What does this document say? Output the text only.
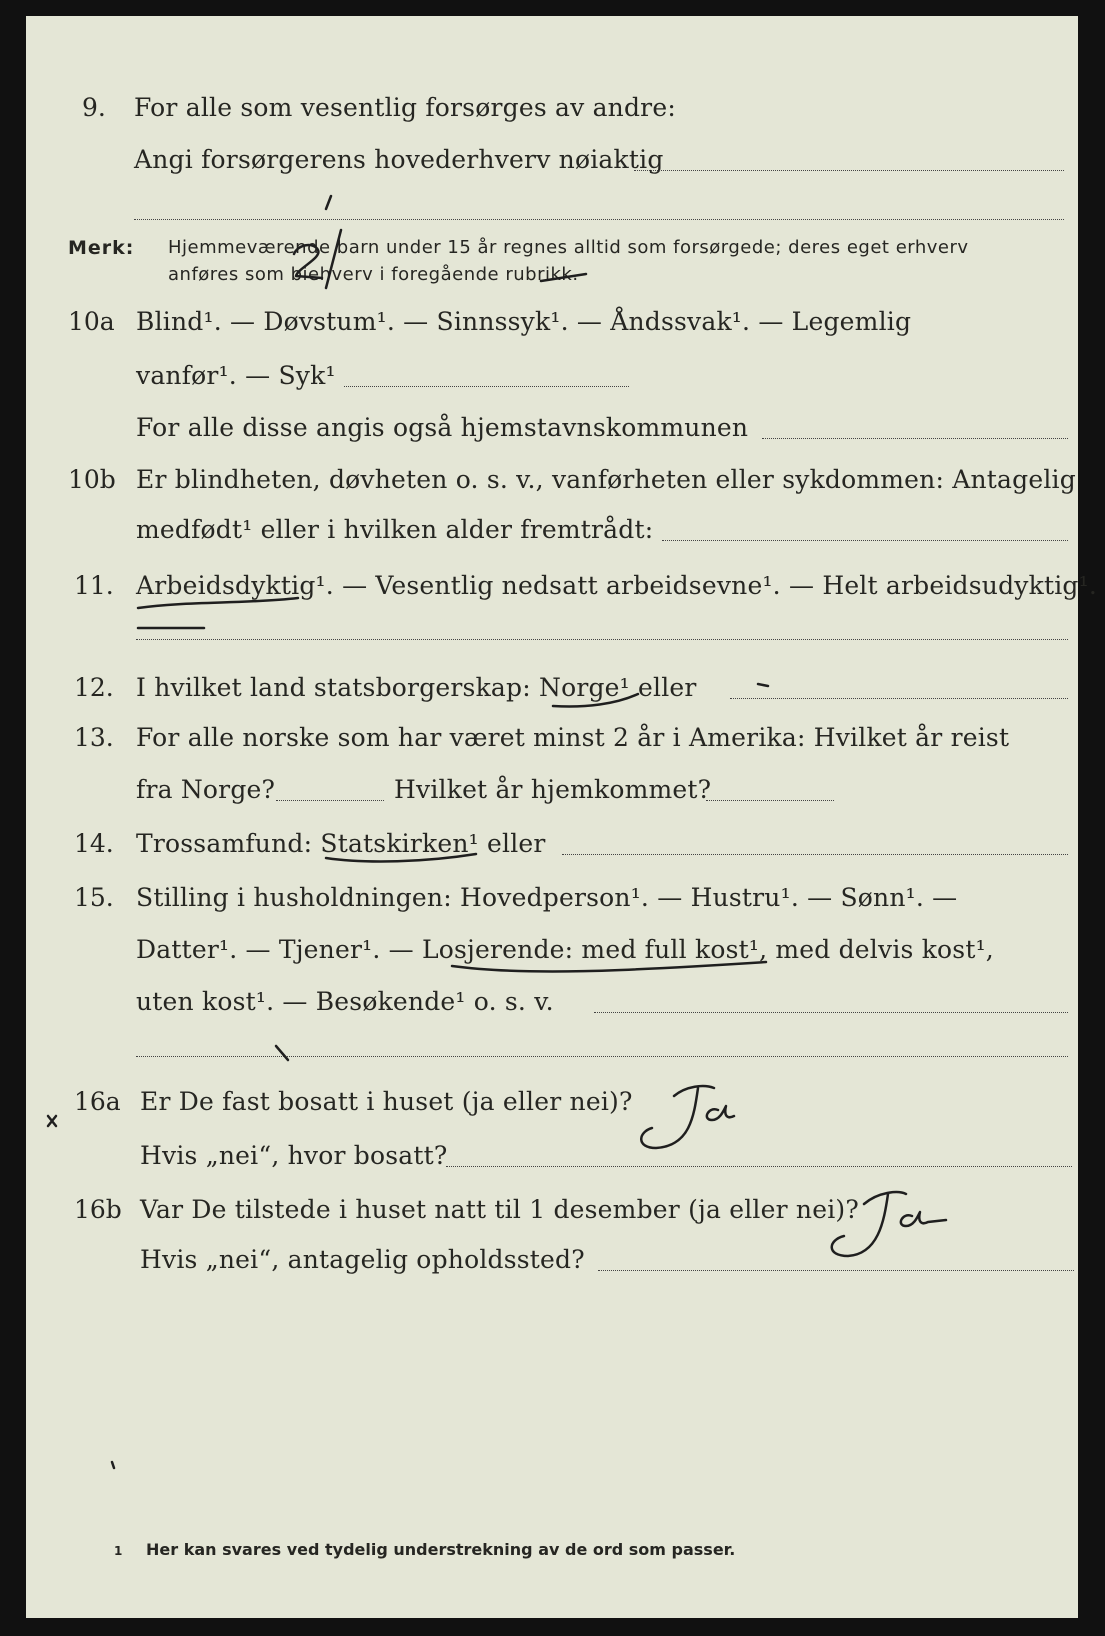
9. For alle som vesentlig forsørges av andre:
Angi forsørgerens hovederhverv nøiaktig
Merk: Hjemmeværende barn under 15 år regnes alltid som forsørgede; deres eget erhverv
anføres som biehverv i foregående rubrikk.
10a Blind¹. — Døvstum¹. — Sinnssyk¹. — Åndssvak¹. — Legemlig
vanfør¹. — Syk¹
For alle disse angis også hjemstavnskommunen
10b Er blindheten, døvheten o. s. v., vanførheten eller sykdommen: Antagelig
medfødt¹ eller i hvilken alder fremtrådt:
11. Arbeidsdyktig¹. — Vesentlig nedsatt arbeidsevne¹. — Helt arbeidsudyktig¹.
12. I hvilket land statsborgerskap: Norge¹ eller
13. For alle norske som har været minst 2 år i Amerika: Hvilket år reist
fra Norge?	Hvilket år hjemkommet?
14. Trossamfund: Statskirken¹ eller
15. Stilling i husholdningen: Hovedperson¹. — Hustru¹. — Sønn¹. —
Datter¹. — Tjener¹. — Losjerende: med full kost¹, med delvis kost¹,
uten kost¹. — Besøkende¹ o. s. v.
16a Er De fast bosatt i huset (ja eller nei)?
Hvis „nei“, hvor bosatt?
16b Var De tilstede i huset natt til 1 desember (ja eller nei)?
Hvis „nei“, antagelig opholdssted?
1 Her kan svares ved tydelig understrekning av de ord som passer.
